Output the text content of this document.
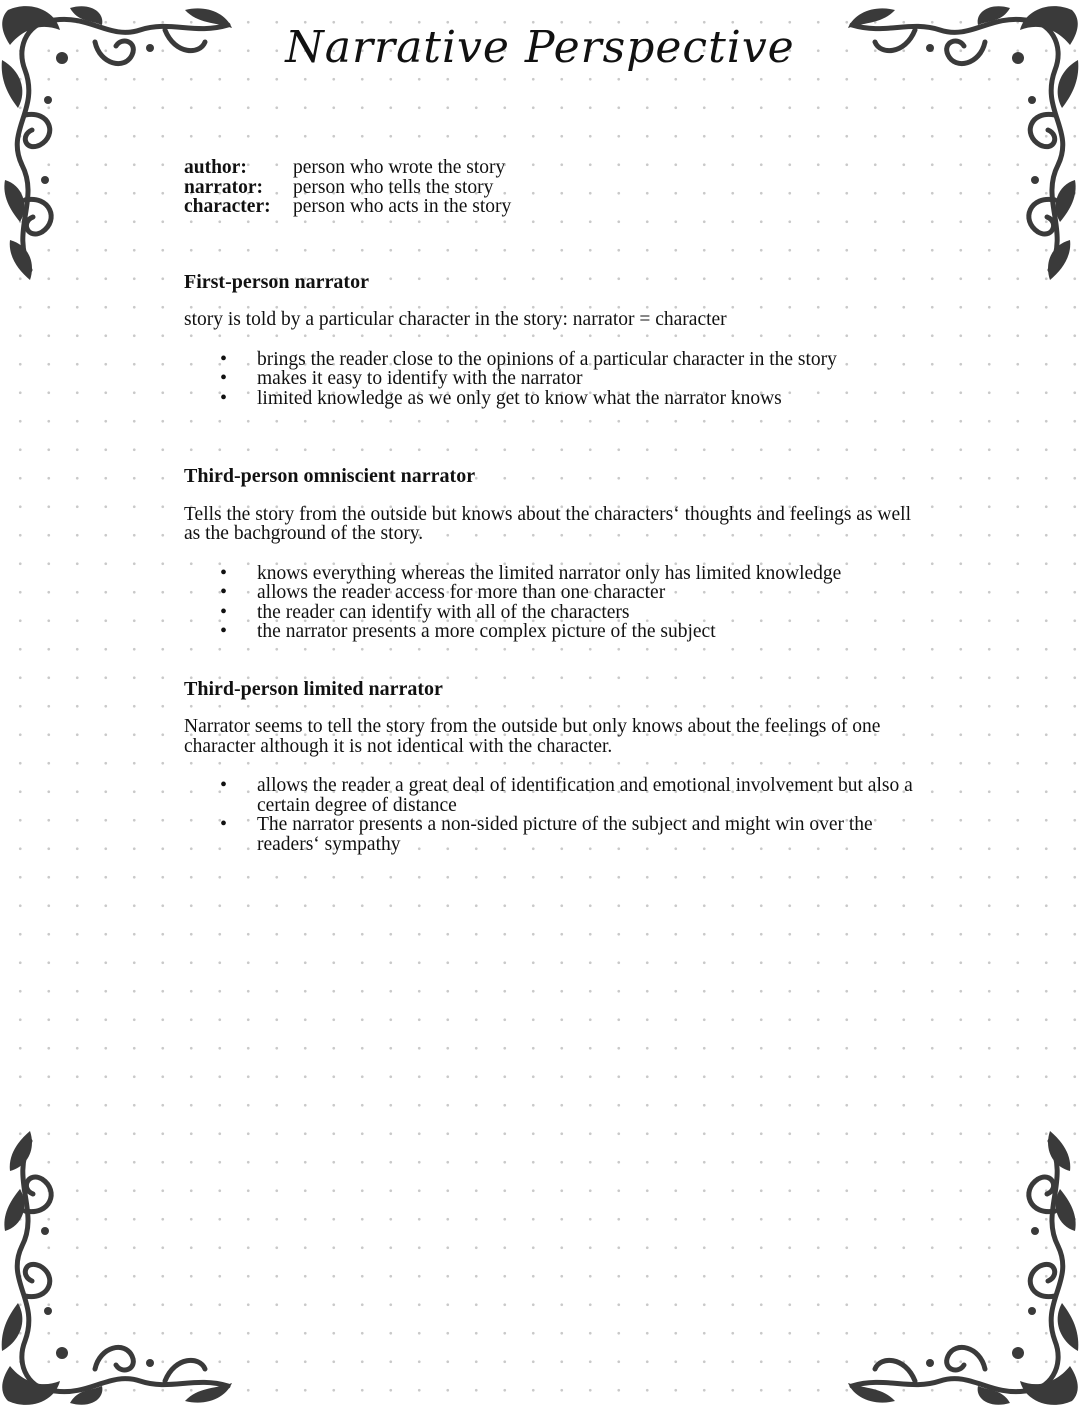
Narrative Perspective
author:	person who wrote the story
narrator:	person who tells the story
character:	person who acts in the story
First-person narrator

story is told by a particular character in the story: narrator = character

• brings the reader close to the opinions of a particular character in the story
• makes it easy to identify with the narrator
• limited knowledge as we only get to know what the narrator knows
Third-person omniscient narrator

Tells the story from the outside but knows about the characters‘ thoughts and feelings as well as the bachground of the story.

• knows everything whereas the limited narrator only has limited knowledge
• allows the reader access for more than one character
• the reader can identify with all of the characters
• the narrator presents a more complex picture of the subject
Third-person limited narrator

Narrator seems to tell the story from the outside but only knows about the feelings of one character although it is not identical with the character.

• allows the reader a great deal of identification and emotional involvement but also a certain degree of distance
• The narrator presents a non-sided picture of the subject and might win over the readers‘ sympathy
